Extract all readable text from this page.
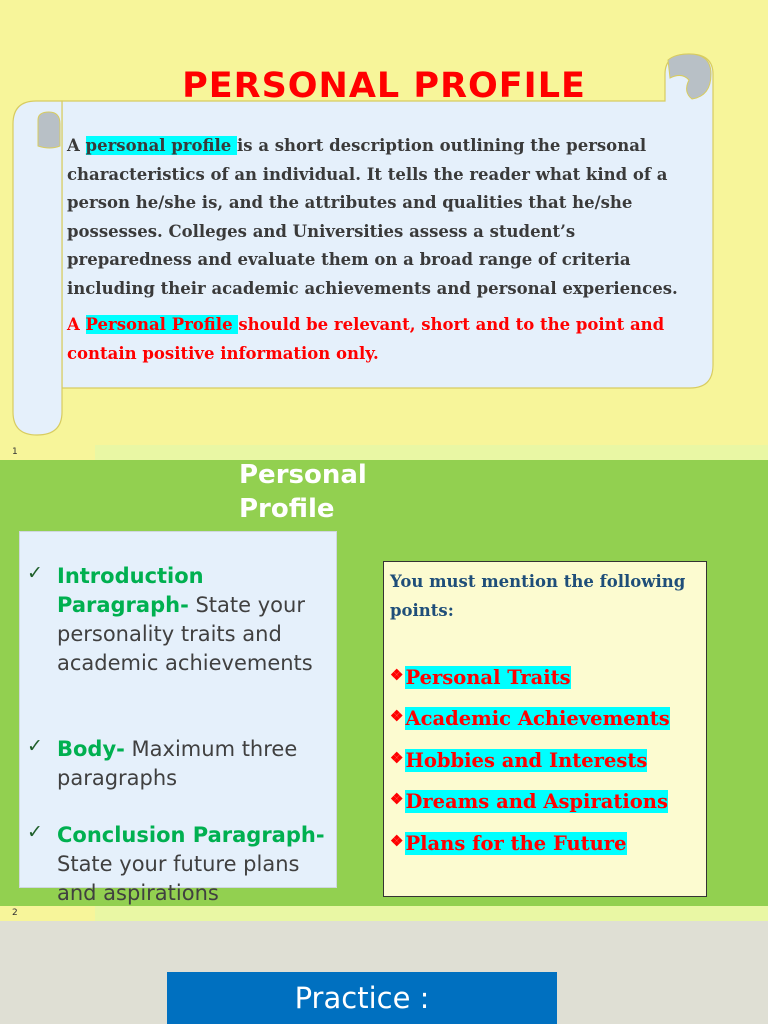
PERSONAL PROFILE

A personal profile is a short description outlining the personal characteristics of an individual. It tells the reader what kind of a person he/she is, and the attributes and qualities that he/she possesses. Colleges and Universities assess a student’s preparedness and evaluate them on a broad range of criteria including their academic achievements and personal experiences.

A Personal Profile should be relevant, short and to the point and contain positive information only.

1
Personal
Profile
✓ Introduction Paragraph- State your personality traits and academic achievements
✓ Body- Maximum three paragraphs
✓ Conclusion Paragraph- State your future plans and aspirations
You must mention the following points:
❖ Personal Traits
❖ Academic Achievements
❖ Hobbies and Interests
❖ Dreams and Aspirations
❖ Plans for the Future
2
Practice :
